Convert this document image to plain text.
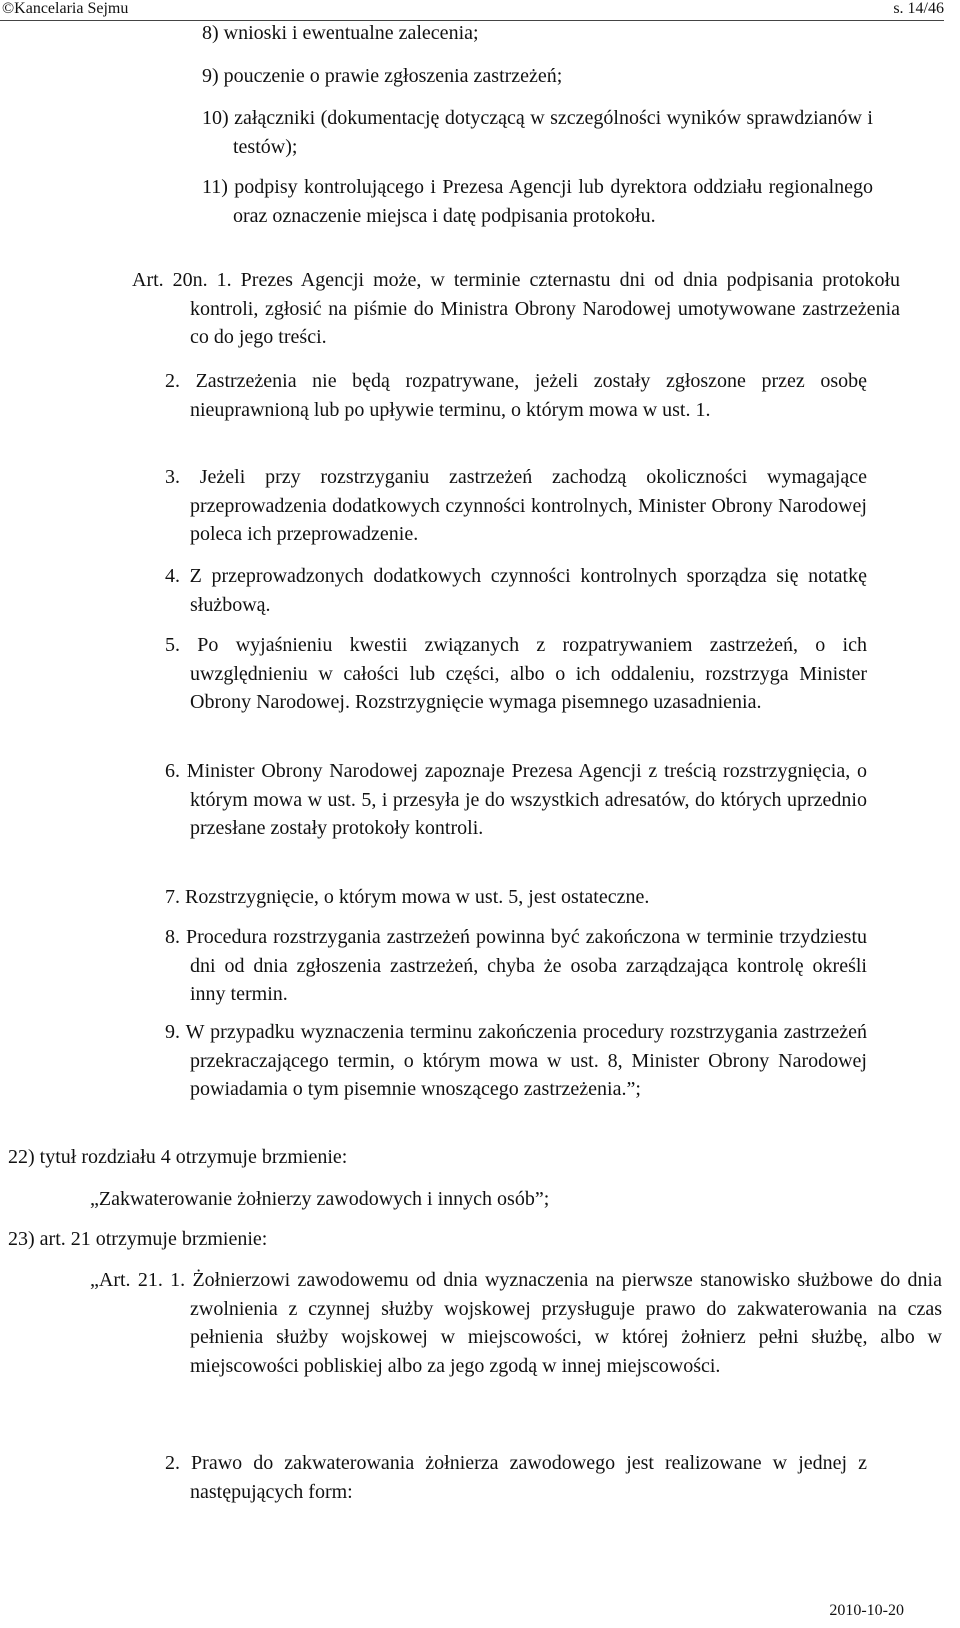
©Kancelaria Sejmu	s. 14/46

8) wnioski i ewentualne zalecenia;

9) pouczenie o prawie zgłoszenia zastrzeżeń;

10) załączniki (dokumentację dotyczącą w szczególności wyników sprawdzianów i testów);

11) podpisy kontrolującego i Prezesa Agencji lub dyrektora oddziału regionalnego oraz oznaczenie miejsca i datę podpisania protokołu.

Art. 20n. 1. Prezes Agencji może, w terminie czternastu dni od dnia podpisania protokołu kontroli, zgłosić na piśmie do Ministra Obrony Narodowej umotywowane zastrzeżenia co do jego treści.

2. Zastrzeżenia nie będą rozpatrywane, jeżeli zostały zgłoszone przez osobę nieuprawnioną lub po upływie terminu, o którym mowa w ust. 1.

3. Jeżeli przy rozstrzyganiu zastrzeżeń zachodzą okoliczności wymagające przeprowadzenia dodatkowych czynności kontrolnych, Minister Obrony Narodowej poleca ich przeprowadzenie.

4. Z przeprowadzonych dodatkowych czynności kontrolnych sporządza się notatkę służbową.

5. Po wyjaśnieniu kwestii związanych z rozpatrywaniem zastrzeżeń, o ich uwzględnieniu w całości lub części, albo o ich oddaleniu, rozstrzyga Minister Obrony Narodowej. Rozstrzygnięcie wymaga pisemnego uzasadnienia.

6. Minister Obrony Narodowej zapoznaje Prezesa Agencji z treścią rozstrzygnięcia, o którym mowa w ust. 5, i przesyła je do wszystkich adresatów, do których uprzednio przesłane zostały protokoły kontroli.

7. Rozstrzygnięcie, o którym mowa w ust. 5, jest ostateczne.

8. Procedura rozstrzygania zastrzeżeń powinna być zakończona w terminie trzydziestu dni od dnia zgłoszenia zastrzeżeń, chyba że osoba zarządzająca kontrolę określi inny termin.

9. W przypadku wyznaczenia terminu zakończenia procedury rozstrzygania zastrzeżeń przekraczającego termin, o którym mowa w ust. 8, Minister Obrony Narodowej powiadamia o tym pisemnie wnoszącego zastrzeżenia.”;

22) tytuł rozdziału 4 otrzymuje brzmienie:

„Zakwaterowanie żołnierzy zawodowych i innych osób”;

23) art. 21 otrzymuje brzmienie:

„Art. 21. 1. Żołnierzowi zawodowemu od dnia wyznaczenia na pierwsze stanowisko służbowe do dnia zwolnienia z czynnej służby wojskowej przysługuje prawo do zakwaterowania na czas pełnienia służby wojskowej w miejscowości, w której żołnierz pełni służbę, albo w miejscowości pobliskiej albo za jego zgodą w innej miejscowości.

2. Prawo do zakwaterowania żołnierza zawodowego jest realizowane w jednej z następujących form:

2010-10-20
